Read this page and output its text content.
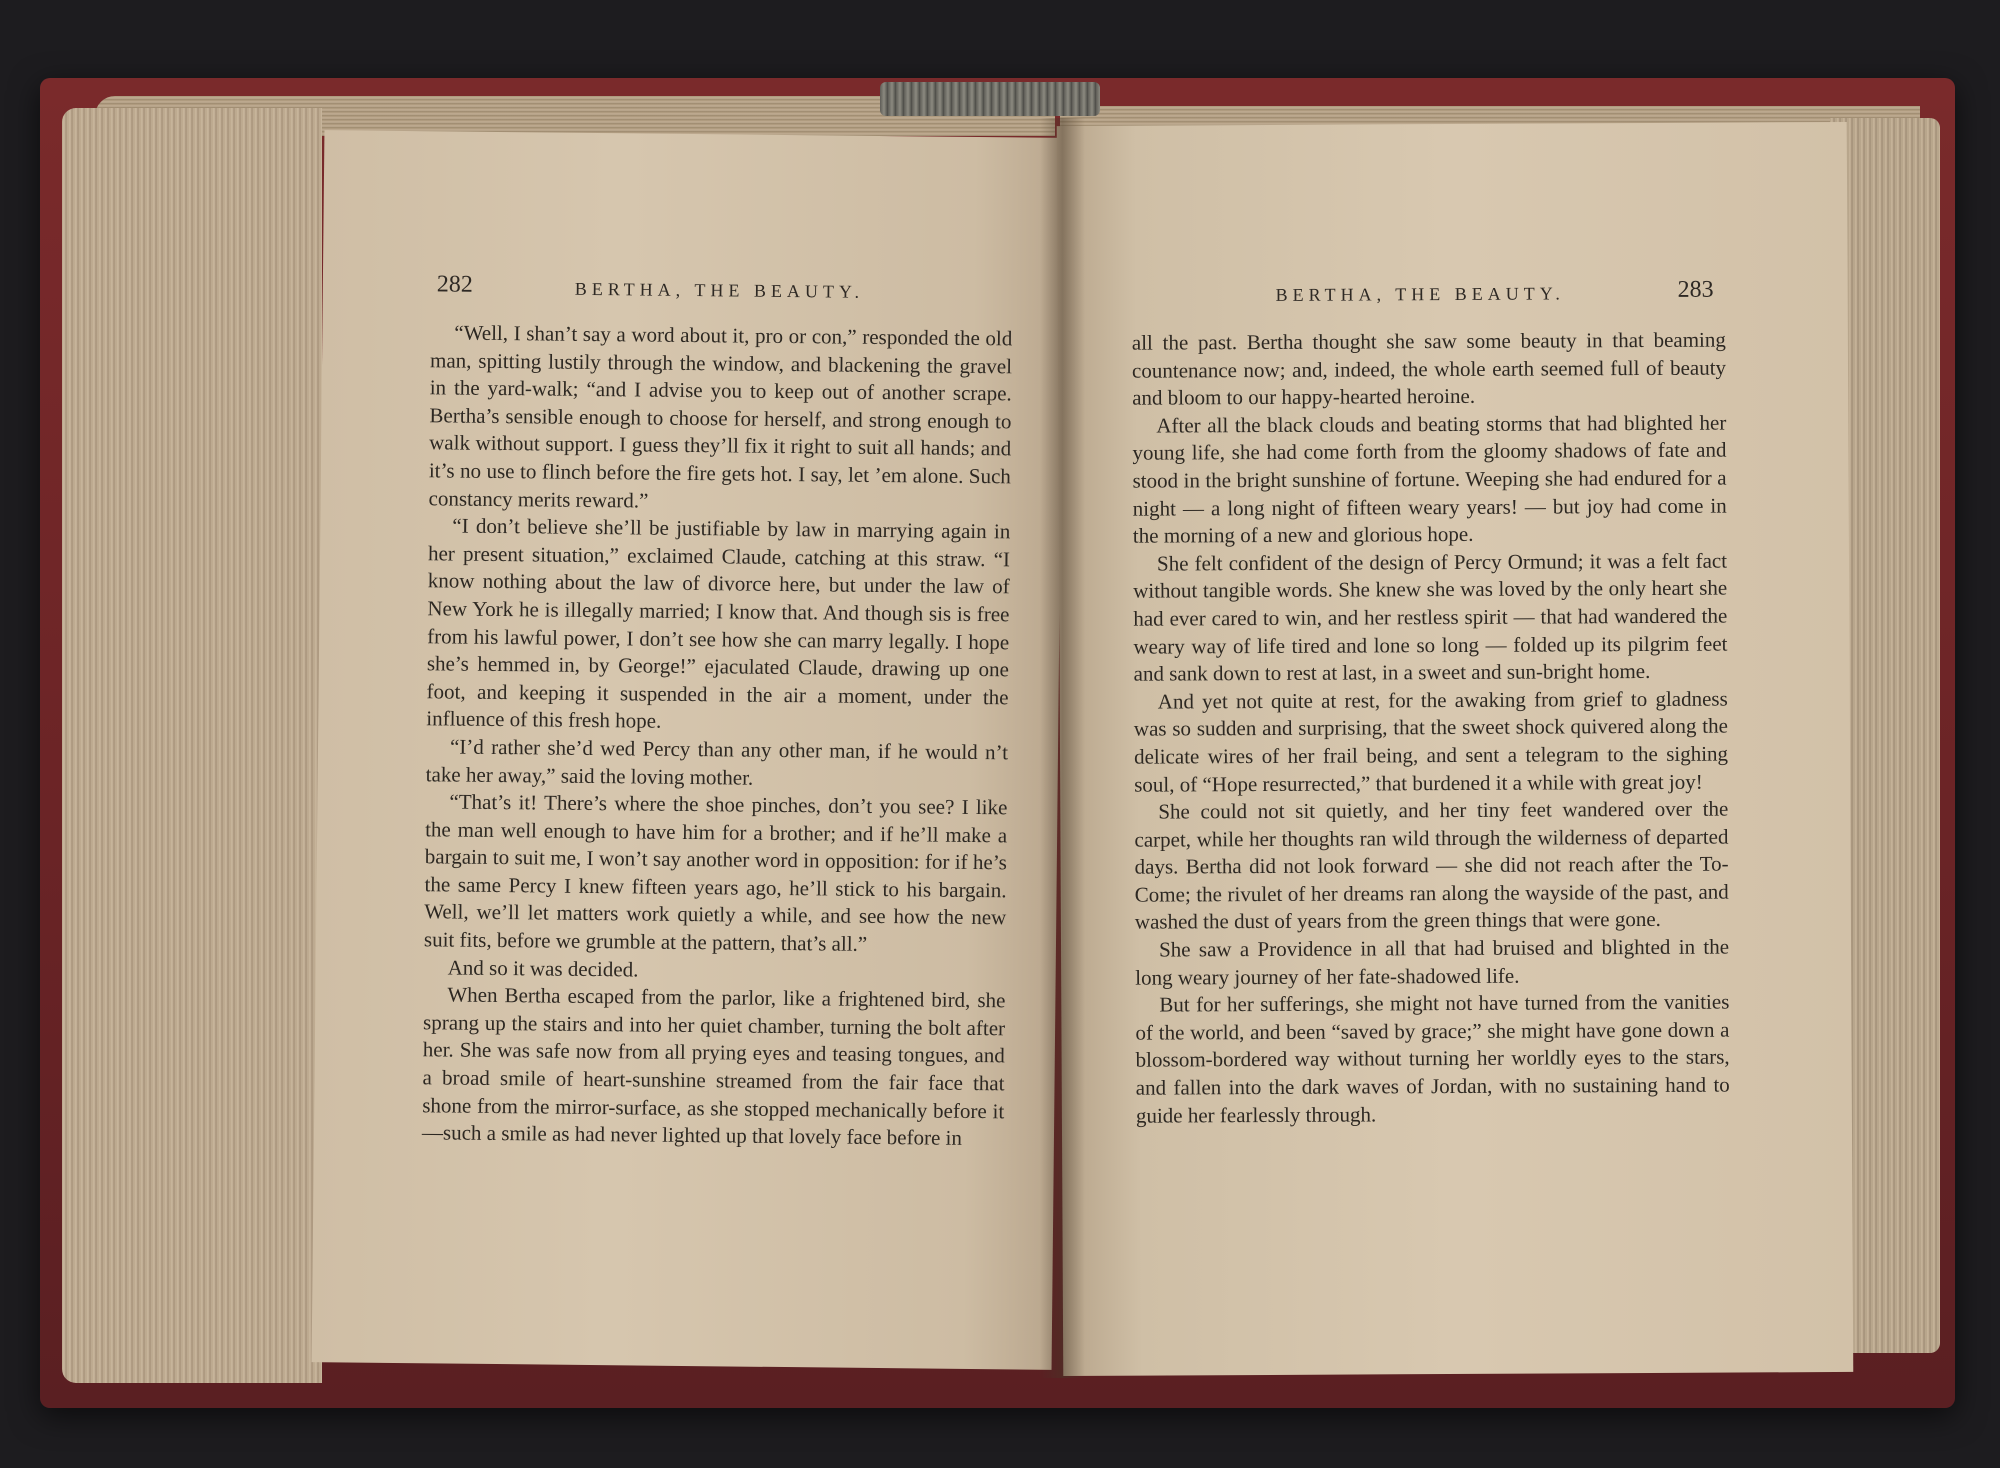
282	BERTHA, THE BEAUTY.

“Well, I shan’t say a word about it, pro or con,” responded the old man, spitting lustily through the window, and blackening the gravel in the yard-walk; “and I advise you to keep out of another scrape. Bertha’s sensible enough to choose for herself, and strong enough to walk without support. I guess they’ll fix it right to suit all hands; and it’s no use to flinch before the fire gets hot. I say, let ’em alone. Such constancy merits reward.”

“I don’t believe she’ll be justifiable by law in marrying again in her present situation,” exclaimed Claude, catching at this straw. “I know nothing about the law of divorce here, but under the law of New York he is illegally married; I know that. And though sis is free from his lawful power, I don’t see how she can marry legally. I hope she’s hemmed in, by George!” ejaculated Claude, drawing up one foot, and keeping it suspended in the air a moment, under the influence of this fresh hope.

“I’d rather she’d wed Percy than any other man, if he would n’t take her away,” said the loving mother.

“That’s it! There’s where the shoe pinches, don’t you see? I like the man well enough to have him for a brother; and if he’ll make a bargain to suit me, I won’t say another word in opposition: for if he’s the same Percy I knew fifteen years ago, he’ll stick to his bargain. Well, we’ll let matters work quietly a while, and see how the new suit fits, before we grumble at the pattern, that’s all.”

And so it was decided.

When Bertha escaped from the parlor, like a frightened bird, she sprang up the stairs and into her quiet chamber, turning the bolt after her. She was safe now from all prying eyes and teasing tongues, and a broad smile of heart-sunshine streamed from the fair face that shone from the mirror-surface, as she stopped mechanically before it—such a smile as had never lighted up that lovely face before in

BERTHA, THE BEAUTY.	283

all the past. Bertha thought she saw some beauty in that beaming countenance now; and, indeed, the whole earth seemed full of beauty and bloom to our happy-hearted heroine.

After all the black clouds and beating storms that had blighted her young life, she had come forth from the gloomy shadows of fate and stood in the bright sunshine of fortune. Weeping she had endured for a night — a long night of fifteen weary years! — but joy had come in the morning of a new and glorious hope.

She felt confident of the design of Percy Ormund; it was a felt fact without tangible words. She knew she was loved by the only heart she had ever cared to win, and her restless spirit — that had wandered the weary way of life tired and lone so long — folded up its pilgrim feet and sank down to rest at last, in a sweet and sun-bright home.

And yet not quite at rest, for the awaking from grief to gladness was so sudden and surprising, that the sweet shock quivered along the delicate wires of her frail being, and sent a telegram to the sighing soul, of “Hope resurrected,” that burdened it a while with great joy!

She could not sit quietly, and her tiny feet wandered over the carpet, while her thoughts ran wild through the wilderness of departed days. Bertha did not look forward — she did not reach after the To-Come; the rivulet of her dreams ran along the wayside of the past, and washed the dust of years from the green things that were gone.

She saw a Providence in all that had bruised and blighted in the long weary journey of her fate-shadowed life.

But for her sufferings, she might not have turned from the vanities of the world, and been “saved by grace;” she might have gone down a blossom-bordered way without turning her worldly eyes to the stars, and fallen into the dark waves of Jordan, with no sustaining hand to guide her fearlessly through.
